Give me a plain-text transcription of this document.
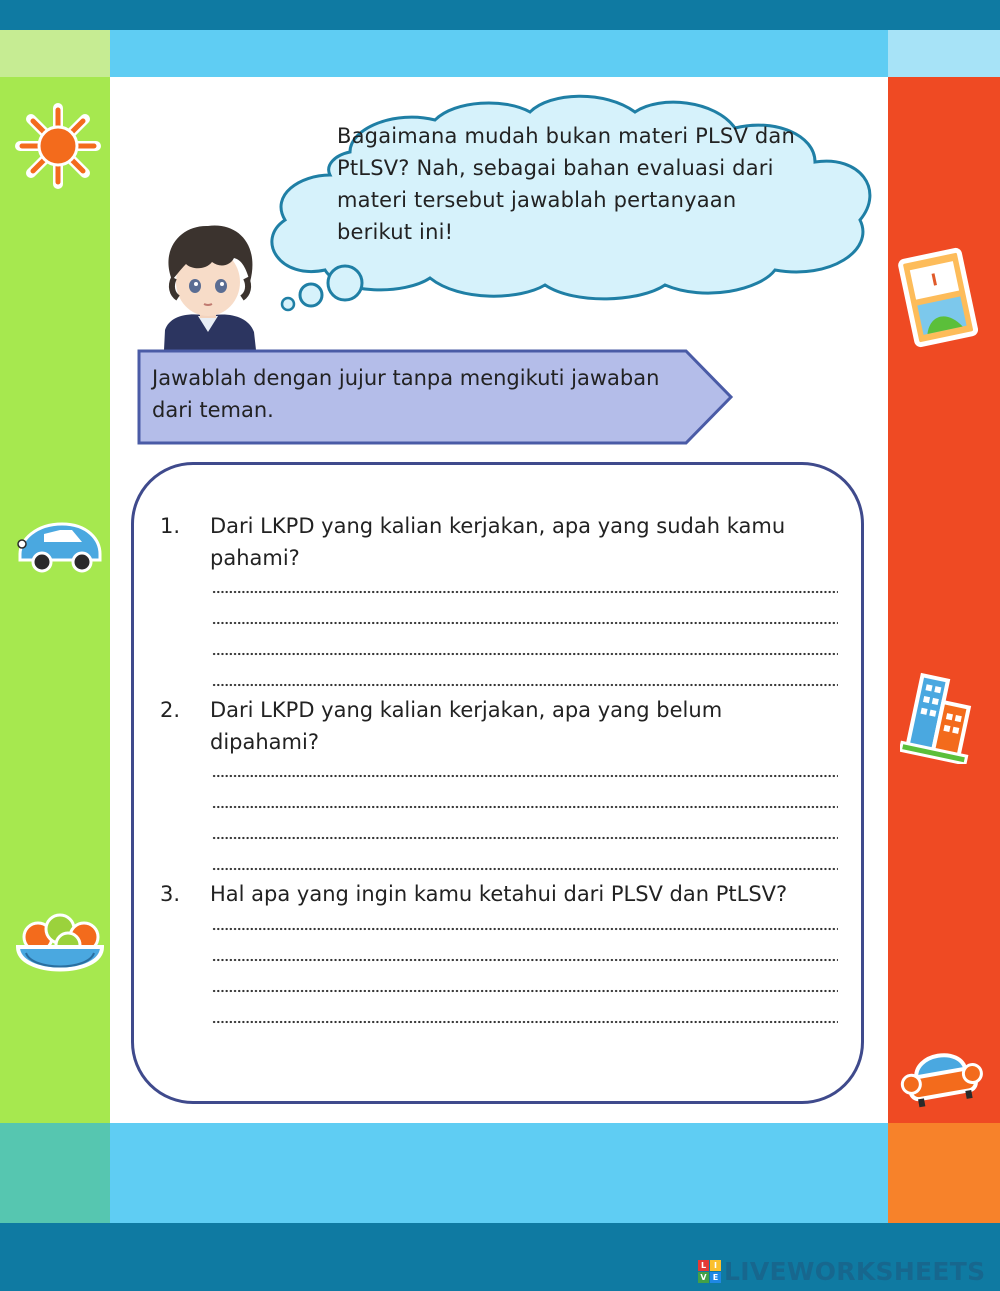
Bagaimana mudah bukan materi PLSV dan
PtLSV? Nah, sebagai bahan evaluasi dari
materi tersebut jawablah pertanyaan
berikut ini!
Jawablah dengan jujur tanpa mengikuti jawaban
dari teman.
1. Dari LKPD yang kalian kerjakan, apa yang sudah kamu
pahami?
2. Dari LKPD yang kalian kerjakan, apa yang belum
dipahami?
3. Hal apa yang ingin kamu ketahui dari PLSV dan PtLSV?
L I
V E LIVEWORKSHEETS
